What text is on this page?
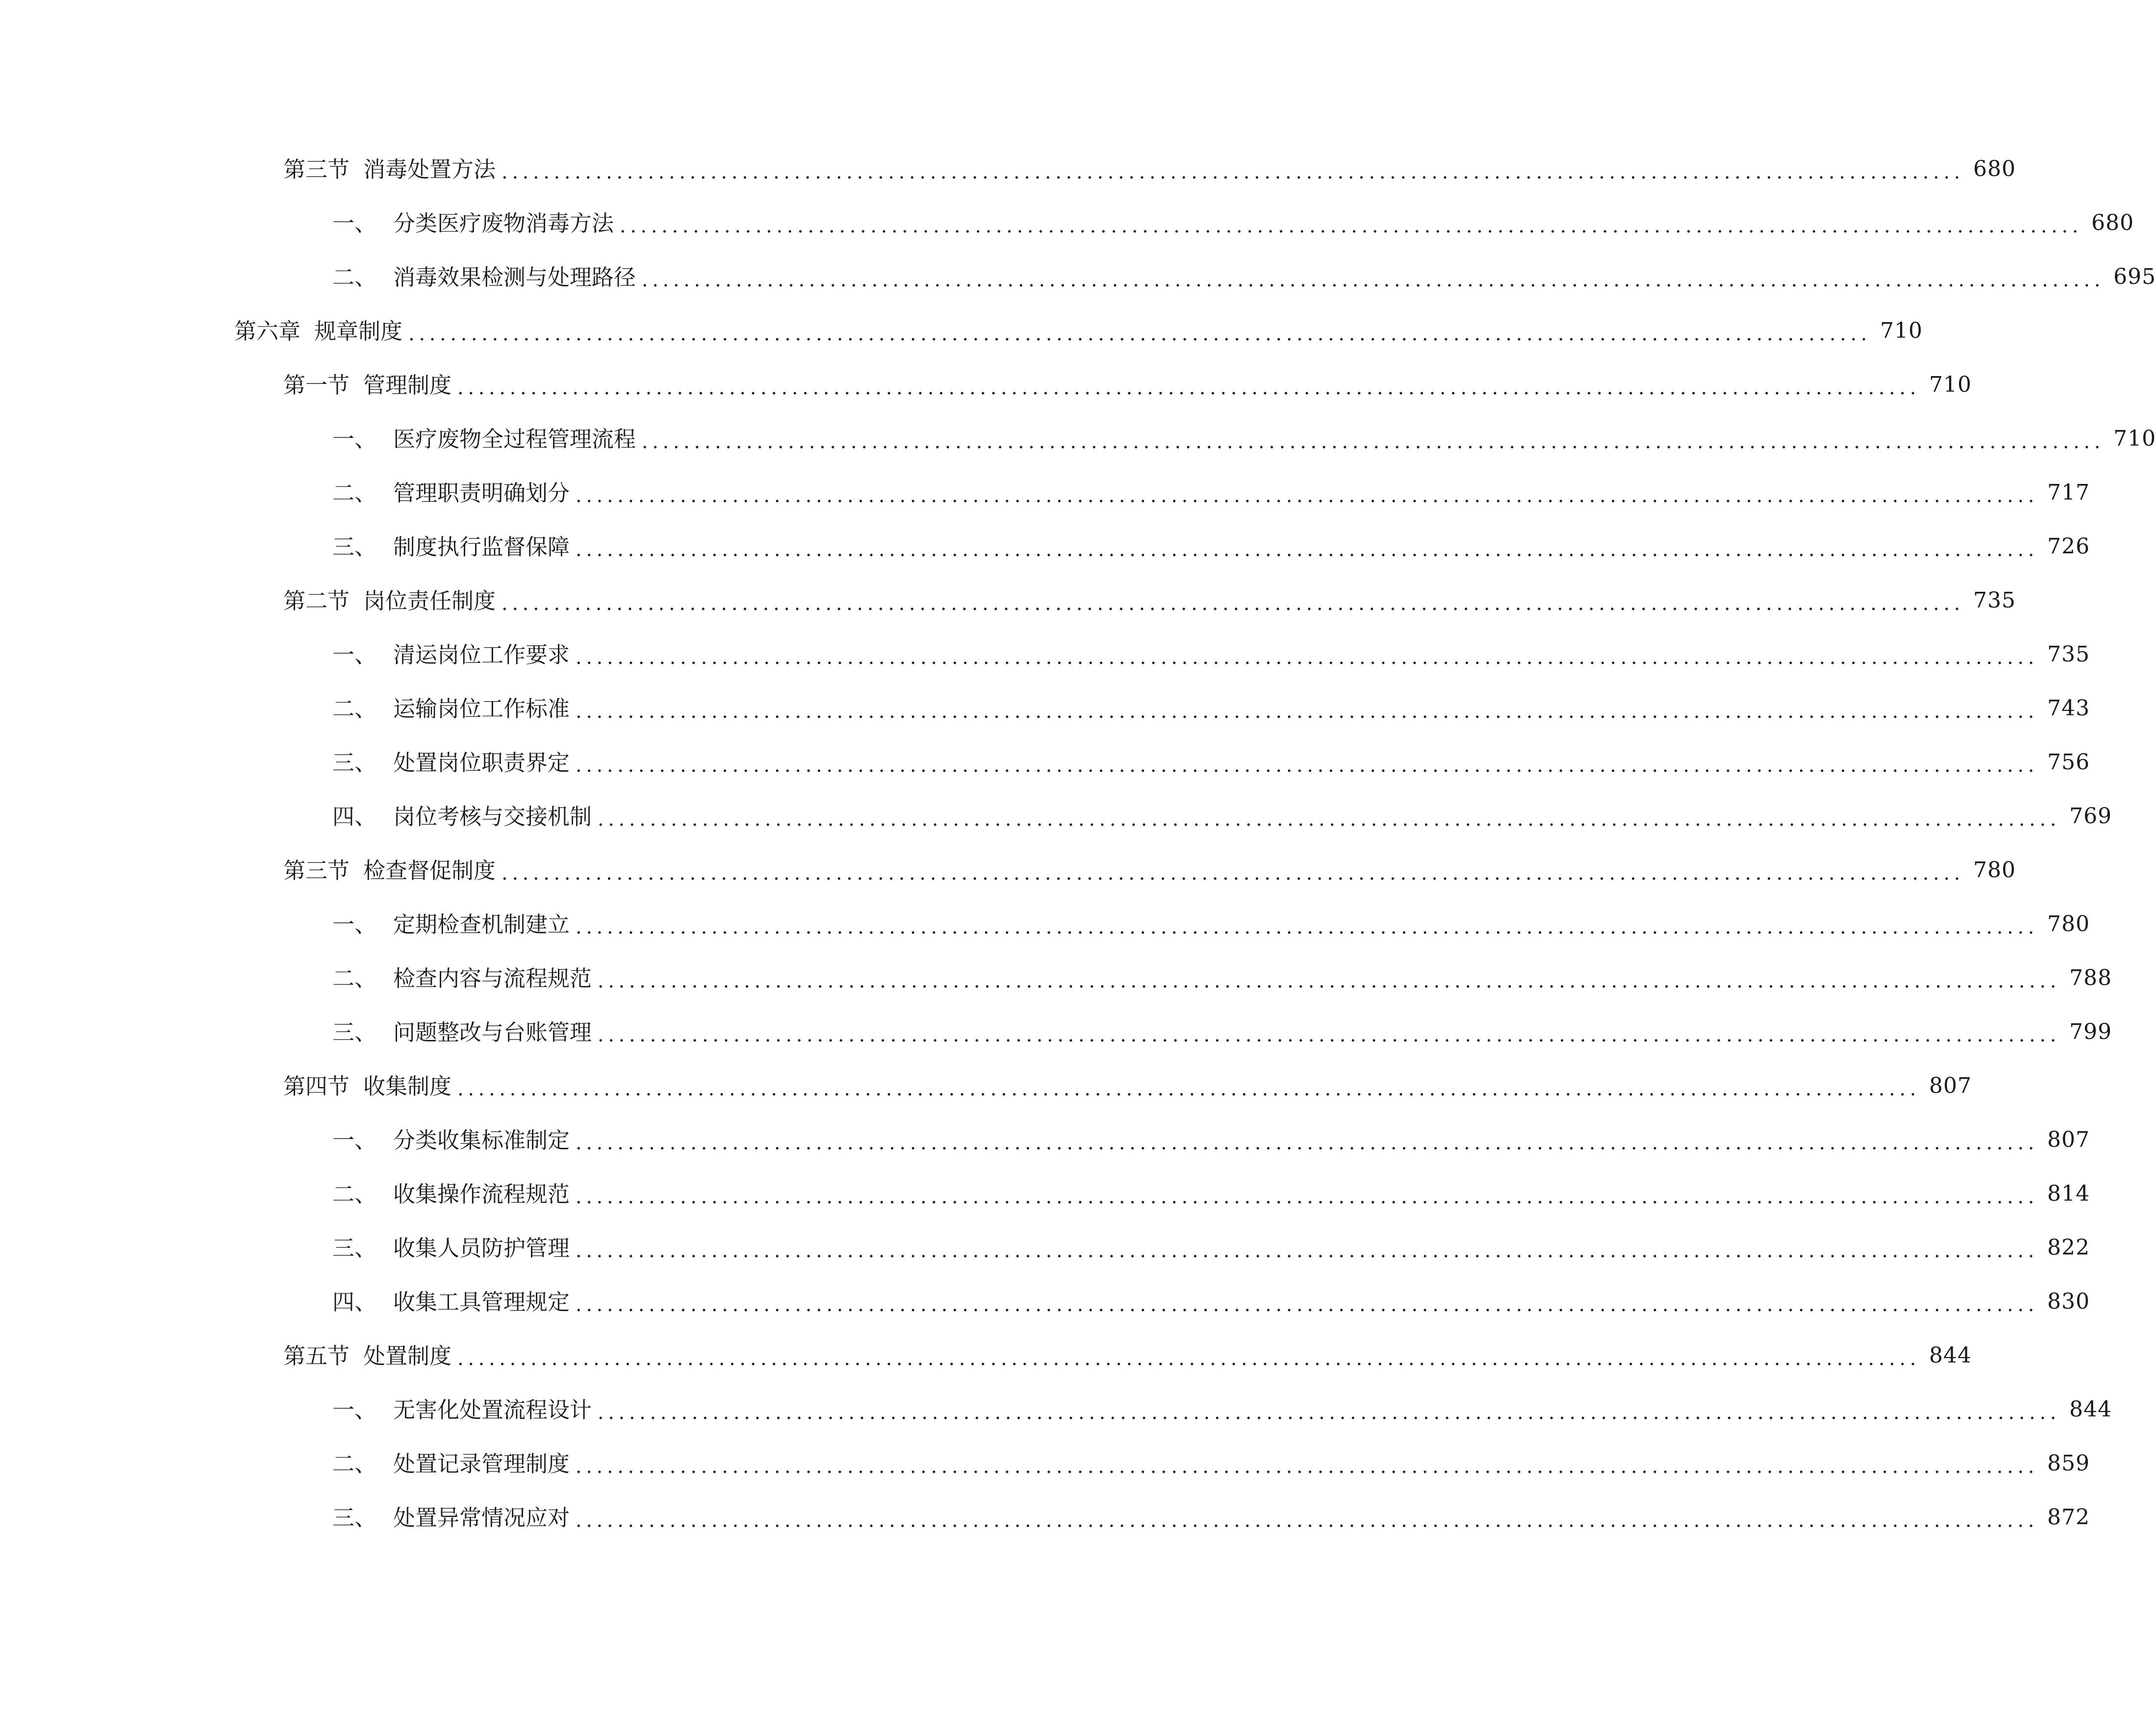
第三节 消毒处置方法 ............................................................................................................................................ 680
一、 分类医疗废物消毒方法 ............................................................................................................................................ 680
二、 消毒效果检测与处理路径 ............................................................................................................................................ 695
第六章 规章制度 ............................................................................................................................................ 710
第一节 管理制度 ............................................................................................................................................ 710
一、 医疗废物全过程管理流程 ............................................................................................................................................ 710
二、 管理职责明确划分 ............................................................................................................................................ 717
三、 制度执行监督保障 ............................................................................................................................................ 726
第二节 岗位责任制度 ............................................................................................................................................ 735
一、 清运岗位工作要求 ............................................................................................................................................ 735
二、 运输岗位工作标准 ............................................................................................................................................ 743
三、 处置岗位职责界定 ............................................................................................................................................ 756
四、 岗位考核与交接机制 ............................................................................................................................................ 769
第三节 检查督促制度 ............................................................................................................................................ 780
一、 定期检查机制建立 ............................................................................................................................................ 780
二、 检查内容与流程规范 ............................................................................................................................................ 788
三、 问题整改与台账管理 ............................................................................................................................................ 799
第四节 收集制度 ............................................................................................................................................ 807
一、 分类收集标准制定 ............................................................................................................................................ 807
二、 收集操作流程规范 ............................................................................................................................................ 814
三、 收集人员防护管理 ............................................................................................................................................ 822
四、 收集工具管理规定 ............................................................................................................................................ 830
第五节 处置制度 ............................................................................................................................................ 844
一、 无害化处置流程设计 ............................................................................................................................................ 844
二、 处置记录管理制度 ............................................................................................................................................ 859
三、 处置异常情况应对 ............................................................................................................................................ 872
